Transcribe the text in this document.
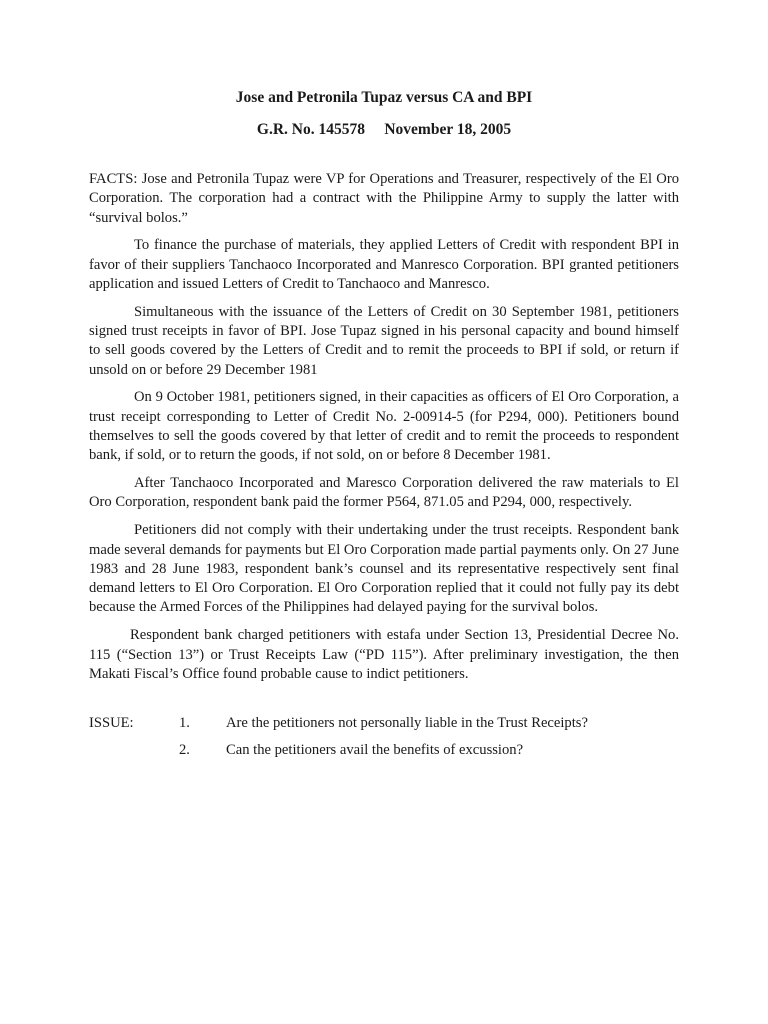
Jose and Petronila Tupaz versus CA and BPI
G.R. No. 145578 November 18, 2005

FACTS: Jose and Petronila Tupaz were VP for Operations and Treasurer, respectively of the El Oro Corporation. The corporation had a contract with the Philippine Army to supply the latter with “survival bolos.”

To finance the purchase of materials, they applied Letters of Credit with respondent BPI in favor of their suppliers Tanchaoco Incorporated and Manresco Corporation. BPI granted petitioners application and issued Letters of Credit to Tanchaoco and Manresco.

Simultaneous with the issuance of the Letters of Credit on 30 September 1981, petitioners signed trust receipts in favor of BPI. Jose Tupaz signed in his personal capacity and bound himself to sell goods covered by the Letters of Credit and to remit the proceeds to BPI if sold, or return if unsold on or before 29 December 1981

On 9 October 1981, petitioners signed, in their capacities as officers of El Oro Corporation, a trust receipt corresponding to Letter of Credit No. 2-00914-5 (for P294, 000). Petitioners bound themselves to sell the goods covered by that letter of credit and to remit the proceeds to respondent bank, if sold, or to return the goods, if not sold, on or before 8 December 1981.

After Tanchaoco Incorporated and Maresco Corporation delivered the raw materials to El Oro Corporation, respondent bank paid the former P564, 871.05 and P294, 000, respectively.

Petitioners did not comply with their undertaking under the trust receipts. Respondent bank made several demands for payments but El Oro Corporation made partial payments only. On 27 June 1983 and 28 June 1983, respondent bank’s counsel and its representative respectively sent final demand letters to El Oro Corporation. El Oro Corporation replied that it could not fully pay its debt because the Armed Forces of the Philippines had delayed paying for the survival bolos.

Respondent bank charged petitioners with estafa under Section 13, Presidential Decree No. 115 (“Section 13”) or Trust Receipts Law (“PD 115”). After preliminary investigation, the then Makati Fiscal’s Office found probable cause to indict petitioners.

ISSUE:	1.	Are the petitioners not personally liable in the Trust Receipts?
2.	Can the petitioners avail the benefits of excussion?
